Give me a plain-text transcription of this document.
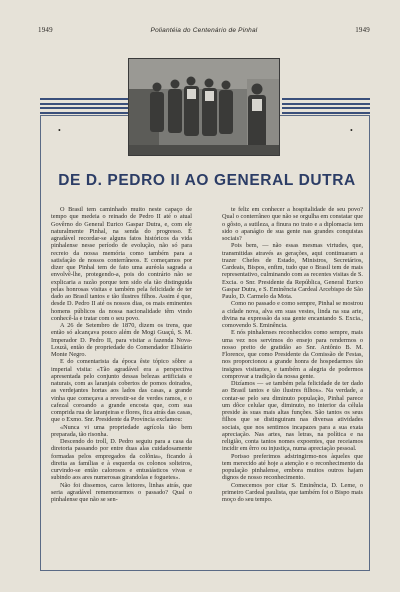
1949	Poliantéia do Centenário de Pinhal	1949
DE D. PEDRO II AO GENERAL DUTRA
•	•

O Brasil tem caminhado muito neste capaço de tempo que medeia o reinado de Pedro II até o atual Govêrno do General Eurico Gaspar Dutra, e, com ele naturalmente Pinhal, na senda do progresso. É agradável recordar-se alguns fatos históricos da vida pinhalense nesse período de evolução, não só para recreio da nossa memória como também para a satisfação de nossos conterrâneos. E começamos por dizer que Pinhal tem de fato uma auréola sagrada a envolvê-lhe, protegendo-a, pois do contrário não se explicaria a razão porque tem sido ela tão distinguida pelas honrosas visitas e também pela felicidade de ter dado ao Brasil tantos e tão ilustres filhos. Assim é que, desde D. Pedro II até os nossos dias, os mais eminentes homens públicos da nossa nacionalidade têm vindo conhecê-la e tratar com o seu povo.

A 26 de Setembro de 1870, dizem os trens, que então só alcançava pouco além de Mogi Guaçú, S. M. Imperador D. Pedro II, para visitar a fazenda Nova-Louzã, então de propriedade do Comendador Elisiário Monte Negro.

E do comentarista da época êste tópico sôbre a imperial visita: «Tão agradável era a perspectiva apresentada pelo conjunto dessas belezas artificiais e naturais, com as laranjais cobertos de pomos doirados, as verdejantes hortas aos lados das casas, a grande vinha que começava a revestir-se de verdes ramos, e o cafezal coroando a grande encosta que, com sua comprida rua de laranjeiras e flores, fica atrás das casas, que o Exmo. Snr. Presidente da Província exclamou:

«Nunca vi uma propriedade agrícola tão bem preparada, tão risonha.

Descendo do troll, D. Pedro seguiu para a casa da diretoria passando por entre duas alas cuidadosamente formadas pelos empregados da colônia», ficando à direita as famílias e à esquerda os colonos solteiros, curvindo-se então calorosos e entusiásticos vivas e subindo aos ares numerosas girandolas e foguetes».

Não foi dissemos, caros leitores, linhas atrás, que seria agradável rememorarmos o passado? Qual o pinhalense que não se sen-

te feliz em conhecer a hospitalidade de seu povo? Qual o conterrâneo que não se orgulha em constatar que o gôsto, a sutileza, a finura no trato e a diplomacia tem sido o apanágio de sua gente nas grandes conquistas sociais?

Pois bem, — não essas mesmas virtudes, que, transmitidas através as gerações, aqui continuaram a trazer Chefes de Estado, Ministros, Secretários, Cardeais, Bispos, enfim, tudo que o Brasil tem de mais representativo, culminando com as recentes visitas de S. Excia. o Snr. Presidente da República, General Eurico Gaspar Dutra, e S. Eminência Cardeal Arcebispo de São Paulo, D. Carmelo da Mota.

Como no passado e como sempre, Pinhal se mostrou a cidade nova, alva em suas vestes, linda na sua arte, divina na expressão da sua gente encantando S. Excia., comovendo S. Eminência.

E nós pinhalenses reconhecidos como sempre, mais uma vez nos servimos do ensejo para rendermos o nosso preito de gratidão ao Snr. Antônio B. M. Florence, que como Presidente da Comissão de Festas, nos proporcionou a grande honra de hospedarmos tão insignes visitantes, e também a alegria de podermos comprovar a tradição da nossa gente.

Dizíamos — «e também pela felicidade de ter dado ao Brasil tantos e tão ilustres filhos». Na verdade, a contar-se pelo seu diminuto população, Pinhal parece um dôce celular que, diminuto, no interior da célula preside às suas mais altas funções. São tantos os seus filhos que se distinguiram nas diversas atividades sociais, que nos sentimos incapazes para a sua exata apreciação. Nas artes, nas letras, na política e na religião, conta tantos nomes expoentes, que receiamos incidir em êrro ou injustiça, numa apreciação pessoal.

Porisso preferimos adstringirmo-nos àqueles que tem merecido até hoje a atenção e o reconhecimento da população pinhalense, embora muitos outros hajam dignos de nosso reconhecimento.

Comecemos por citar S. Eminência, D. Leme, o primeiro Cardeal paulista, que também foi o Bispo mais moço do seu tempo.
